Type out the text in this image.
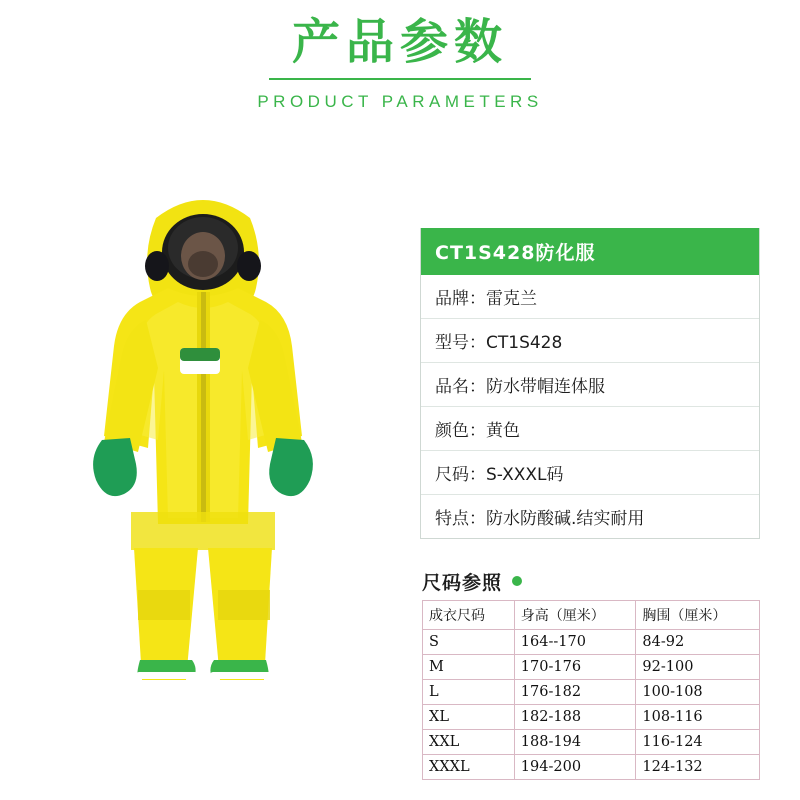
产品参数
PRODUCT PARAMETERS
CT1S428防化服
品牌：雷克兰
型号：CT1S428
品名：防水带帽连体服
颜色：黄色
尺码：S-XXXL码
特点：防水防酸碱.结实耐用
尺码参照
成衣尺码	身高（厘米）	胸围（厘米）
S	164--170	84-92
M	170-176	92-100
L	176-182	100-108
XL	182-188	108-116
XXL	188-194	116-124
XXXL	194-200	124-132
